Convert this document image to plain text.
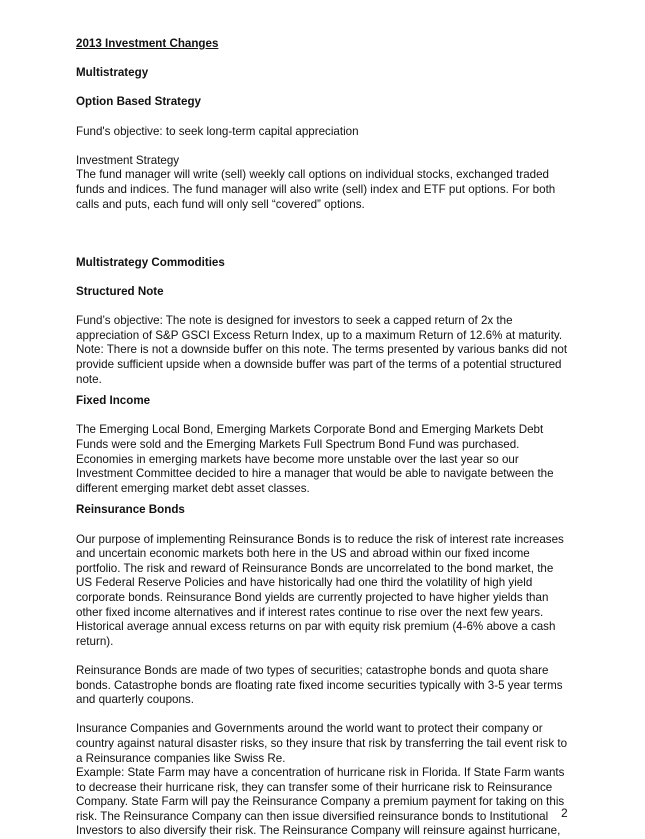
2013 Investment Changes

Multistrategy

Option Based Strategy

Fund's objective: to seek long-term capital appreciation

Investment Strategy

The fund manager will write (sell) weekly call options on individual stocks, exchanged traded

funds and indices. The fund manager will also write (sell) index and ETF put options. For both

calls and puts, each fund will only sell “covered” options.

Multistrategy Commodities

Structured Note

Fund’s objective: The note is designed for investors to seek a capped return of 2x the

appreciation of S&P GSCI Excess Return Index, up to a maximum Return of 12.6% at maturity.

Note: There is not a downside buffer on this note. The terms presented by various banks did not

provide sufficient upside when a downside buffer was part of the terms of a potential structured

note.

Fixed Income

The Emerging Local Bond, Emerging Markets Corporate Bond and Emerging Markets Debt

Funds were sold and the Emerging Markets Full Spectrum Bond Fund was purchased.

Economies in emerging markets have become more unstable over the last year so our

Investment Committee decided to hire a manager that would be able to navigate between the

different emerging market debt asset classes.

Reinsurance Bonds

Our purpose of implementing Reinsurance Bonds is to reduce the risk of interest rate increases

and uncertain economic markets both here in the US and abroad within our fixed income

portfolio. The risk and reward of Reinsurance Bonds are uncorrelated to the bond market, the

US Federal Reserve Policies and have historically had one third the volatility of high yield

corporate bonds. Reinsurance Bond yields are currently projected to have higher yields than

other fixed income alternatives and if interest rates continue to rise over the next few years.

Historical average annual excess returns on par with equity risk premium (4-6% above a cash

return).

Reinsurance Bonds are made of two types of securities; catastrophe bonds and quota share

bonds. Catastrophe bonds are floating rate fixed income securities typically with 3-5 year terms

and quarterly coupons.

Insurance Companies and Governments around the world want to protect their company or

country against natural disaster risks, so they insure that risk by transferring the tail event risk to

a Reinsurance companies like Swiss Re.

Example: State Farm may have a concentration of hurricane risk in Florida. If State Farm wants

to decrease their hurricane risk, they can transfer some of their hurricane risk to Reinsurance

Company. State Farm will pay the Reinsurance Company a premium payment for taking on this

risk. The Reinsurance Company can then issue diversified reinsurance bonds to Institutional

Investors to also diversify their risk. The Reinsurance Company will reinsure against hurricane,

2
